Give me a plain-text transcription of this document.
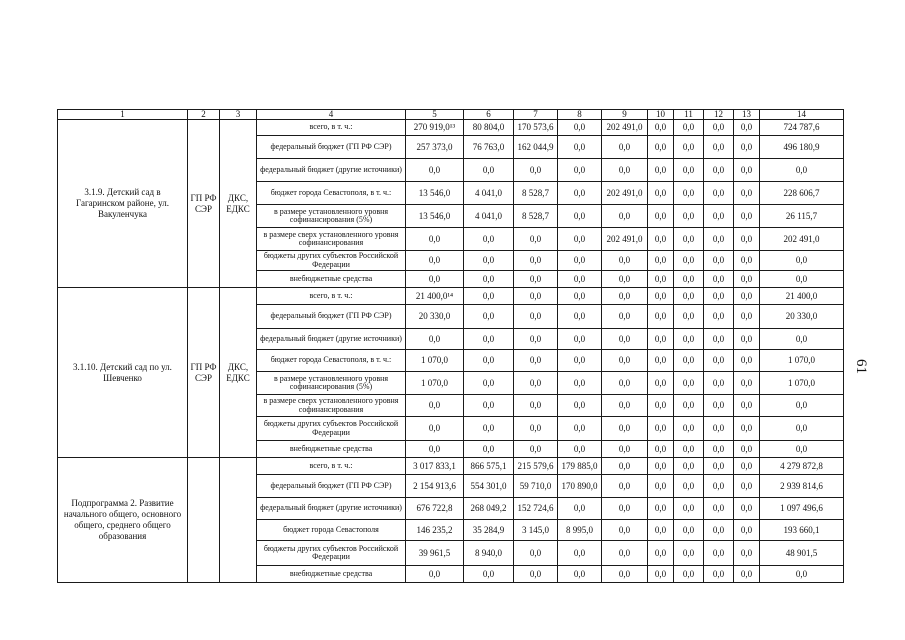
1	2	3	4	5	6	7	8	9	10	11	12	13	14
3.1.9. Детский сад в Гагаринском районе, ул. Вакуленчука	ГП РФ СЭР	ДКС, ЕДКС	всего, в т. ч.:	270 919,0¹³	80 804,0	170 573,6	0,0	202 491,0	0,0	0,0	0,0	0,0	724 787,6
			федеральный бюджет (ГП РФ СЭР)	257 373,0	76 763,0	162 044,9	0,0	0,0	0,0	0,0	0,0	0,0	496 180,9
			федеральный бюджет (другие источники)	0,0	0,0	0,0	0,0	0,0	0,0	0,0	0,0	0,0	0,0
			бюджет города Севастополя, в т. ч.:	13 546,0	4 041,0	8 528,7	0,0	202 491,0	0,0	0,0	0,0	0,0	228 606,7
			в размере установленного уровня софинансирования (5%)	13 546,0	4 041,0	8 528,7	0,0	0,0	0,0	0,0	0,0	0,0	26 115,7
			в размере сверх установленного уровня софинансирования	0,0	0,0	0,0	0,0	202 491,0	0,0	0,0	0,0	0,0	202 491,0
			бюджеты других субъектов Российской Федерации	0,0	0,0	0,0	0,0	0,0	0,0	0,0	0,0	0,0	0,0
			внебюджетные средства	0,0	0,0	0,0	0,0	0,0	0,0	0,0	0,0	0,0	0,0
3.1.10. Детский сад по ул. Шевченко	ГП РФ СЭР	ДКС, ЕДКС	всего, в т. ч.:	21 400,0¹⁴	0,0	0,0	0,0	0,0	0,0	0,0	0,0	0,0	21 400,0
			федеральный бюджет (ГП РФ СЭР)	20 330,0	0,0	0,0	0,0	0,0	0,0	0,0	0,0	0,0	20 330,0
			федеральный бюджет (другие источники)	0,0	0,0	0,0	0,0	0,0	0,0	0,0	0,0	0,0	0,0
			бюджет города Севастополя, в т. ч.:	1 070,0	0,0	0,0	0,0	0,0	0,0	0,0	0,0	0,0	1 070,0
			в размере установленного уровня софинансирования (5%)	1 070,0	0,0	0,0	0,0	0,0	0,0	0,0	0,0	0,0	1 070,0
			в размере сверх установленного уровня софинансирования	0,0	0,0	0,0	0,0	0,0	0,0	0,0	0,0	0,0	0,0
			бюджеты других субъектов Российской Федерации	0,0	0,0	0,0	0,0	0,0	0,0	0,0	0,0	0,0	0,0
			внебюджетные средства	0,0	0,0	0,0	0,0	0,0	0,0	0,0	0,0	0,0	0,0
Подпрограмма 2. Развитие начального общего, основного общего, среднего общего образования			всего, в т. ч.:	3 017 833,1	866 575,1	215 579,6	179 885,0	0,0	0,0	0,0	0,0	0,0	4 279 872,8
			федеральный бюджет (ГП РФ СЭР)	2 154 913,6	554 301,0	59 710,0	170 890,0	0,0	0,0	0,0	0,0	0,0	2 939 814,6
			федеральный бюджет (другие источники)	676 722,8	268 049,2	152 724,6	0,0	0,0	0,0	0,0	0,0	0,0	1 097 496,6
			бюджет города Севастополя	146 235,2	35 284,9	3 145,0	8 995,0	0,0	0,0	0,0	0,0	0,0	193 660,1
			бюджеты других субъектов Российской Федерации	39 961,5	8 940,0	0,0	0,0	0,0	0,0	0,0	0,0	0,0	48 901,5
			внебюджетные средства	0,0	0,0	0,0	0,0	0,0	0,0	0,0	0,0	0,0	0,0
61
